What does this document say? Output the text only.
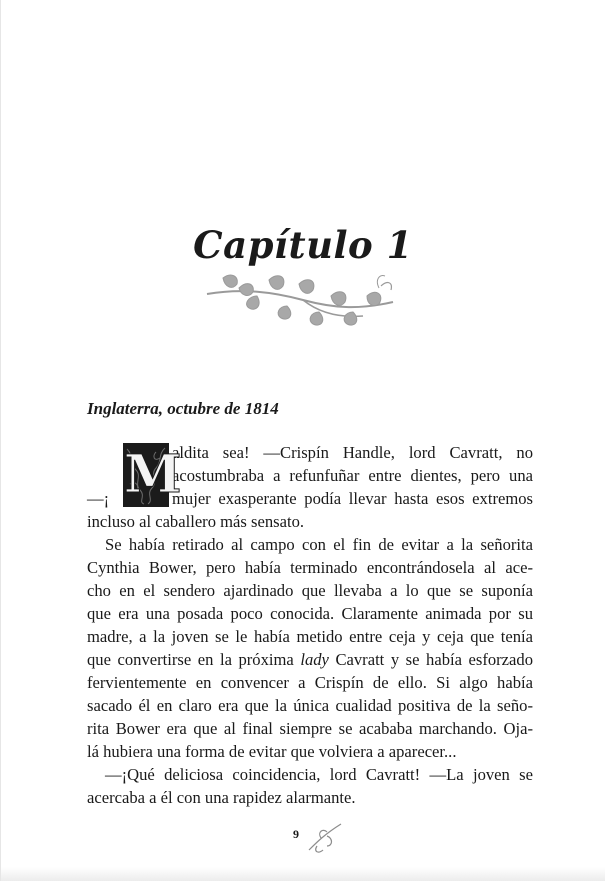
Capítulo 1

Inglaterra, octubre de 1814

M
aldita sea! —Crispín Handle, lord Cavratt, no
acostumbraba a refunfuñar entre dientes, pero una
—¡	mujer exasperante podía llevar hasta esos extremos
incluso al caballero más sensato.
Se había retirado al campo con el fin de evitar a la señorita
Cynthia Bower, pero había terminado encontrándosela al ace-
cho en el sendero ajardinado que llevaba a lo que se suponía
que era una posada poco conocida. Claramente animada por su
madre, a la joven se le había metido entre ceja y ceja que tenía
que convertirse en la próxima lady Cavratt y se había esforzado
fervientemente en convencer a Crispín de ello. Si algo había
sacado él en claro era que la única cualidad positiva de la seño-
rita Bower era que al final siempre se acababa marchando. Oja-
lá hubiera una forma de evitar que volviera a aparecer...
—¡Qué deliciosa coincidencia, lord Cavratt! —La joven se
acercaba a él con una rapidez alarmante.
9
